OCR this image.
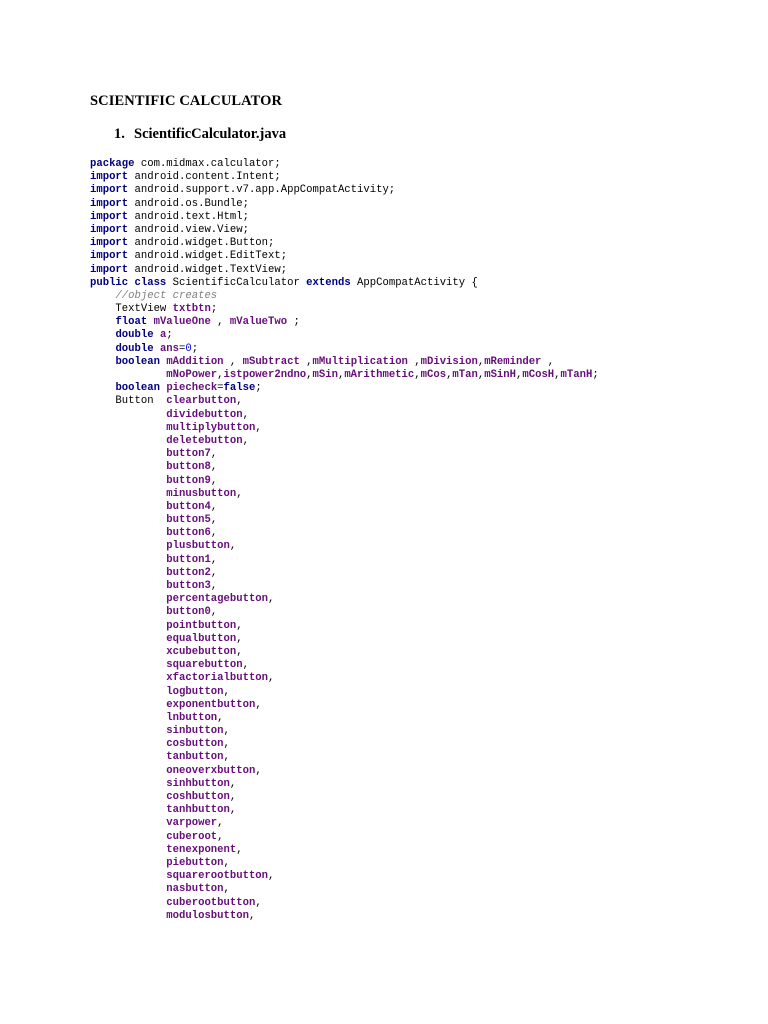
SCIENTIFIC CALCULATOR
1. ScientificCalculator.java
package com.midmax.calculator;
import android.content.Intent;
import android.support.v7.app.AppCompatActivity;
import android.os.Bundle;
import android.text.Html;
import android.view.View;
import android.widget.Button;
import android.widget.EditText;
import android.widget.TextView;
public class ScientificCalculator extends AppCompatActivity {
//object creates
TextView txtbtn;
float mValueOne , mValueTwo ;
double a;
double ans=0;
boolean mAddition , mSubtract ,mMultiplication ,mDivision,mReminder ,
mNoPower,istpower2ndno,mSin,mArithmetic,mCos,mTan,mSinH,mCosH,mTanH;
boolean piecheck=false;
Button  clearbutton,
dividebutton,
multiplybutton,
deletebutton,
button7,
button8,
button9,
minusbutton,
button4,
button5,
button6,
plusbutton,
button1,
button2,
button3,
percentagebutton,
button0,
pointbutton,
equalbutton,
xcubebutton,
squarebutton,
xfactorialbutton,
logbutton,
exponentbutton,
lnbutton,
sinbutton,
cosbutton,
tanbutton,
oneoverxbutton,
sinhbutton,
coshbutton,
tanhbutton,
varpower,
cuberoot,
tenexponent,
piebutton,
squarerootbutton,
nasbutton,
cuberootbutton,
modulosbutton,
